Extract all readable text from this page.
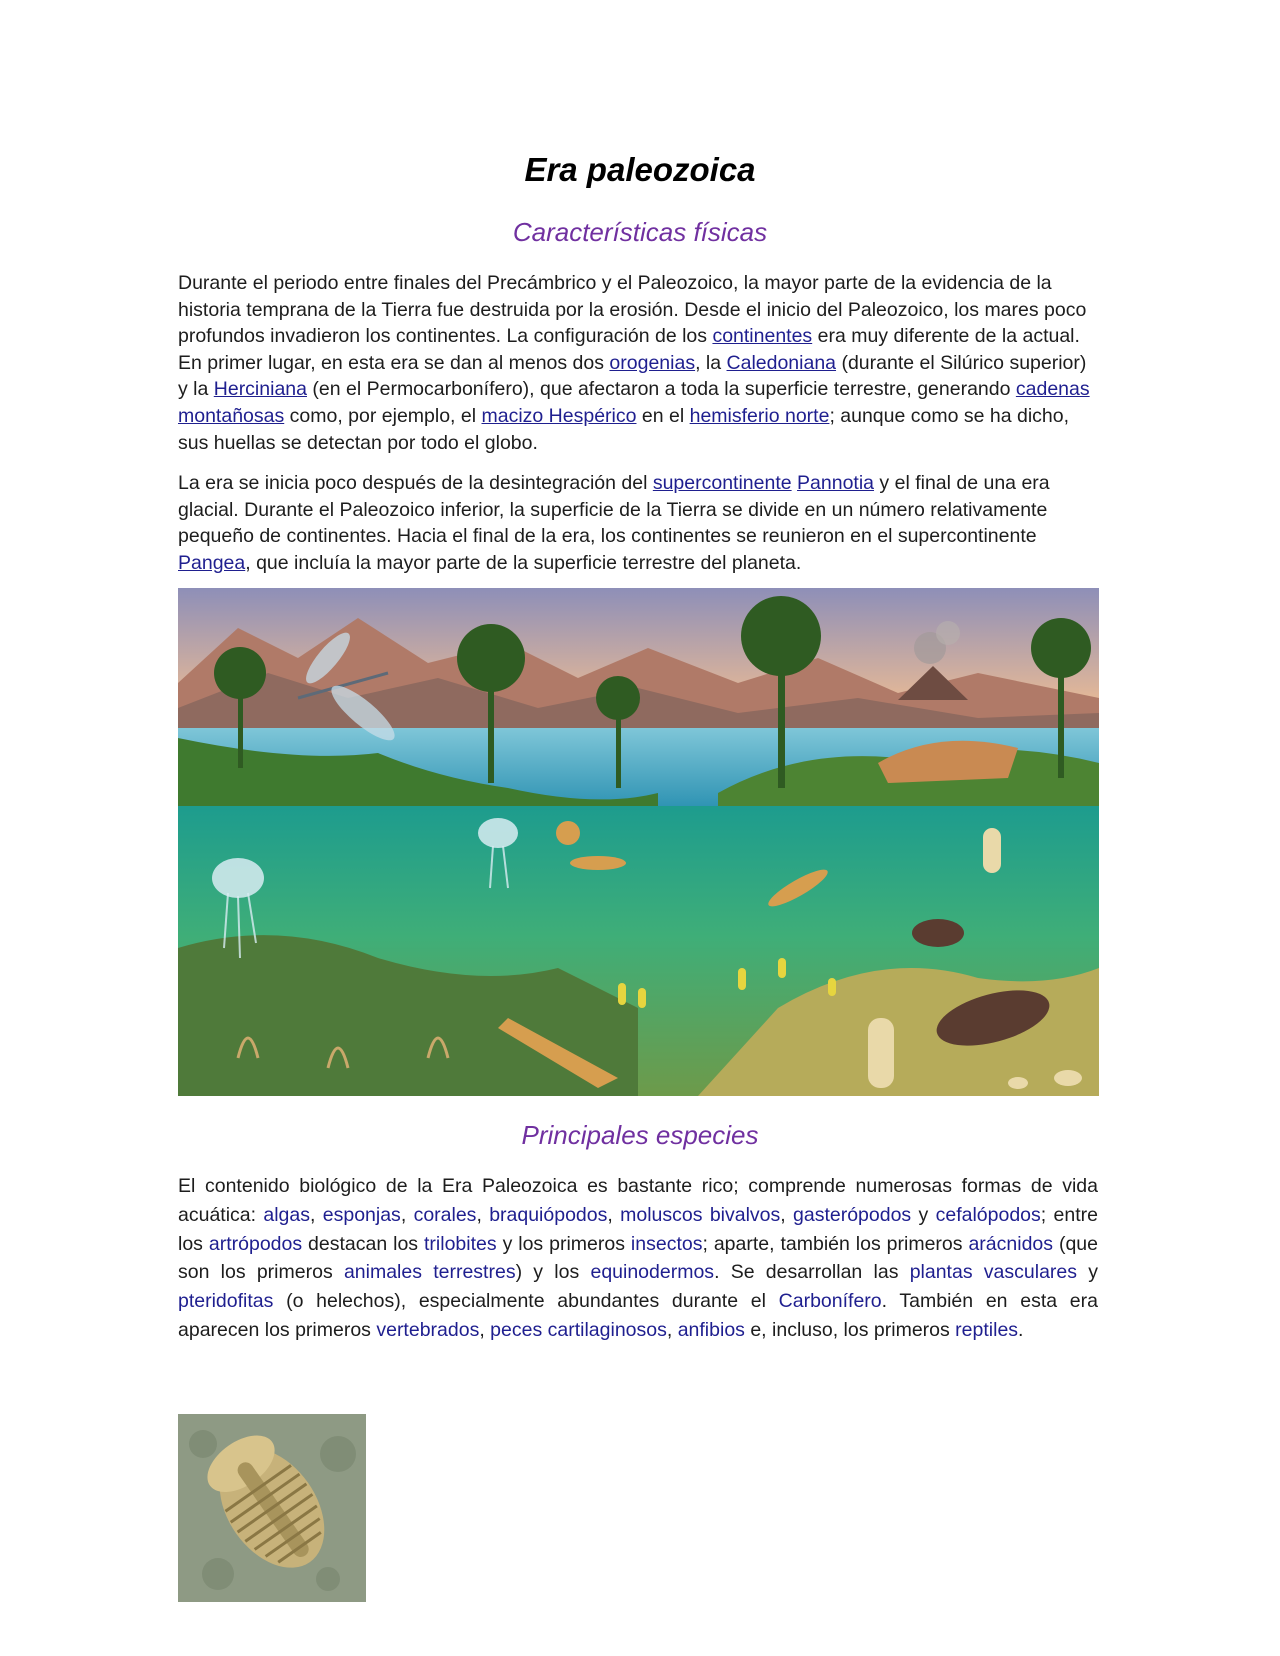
Era paleozoica
Características físicas

Durante el periodo entre finales del Precámbrico y el Paleozoico, la mayor parte de la evidencia de la historia temprana de la Tierra fue destruida por la erosión. Desde el inicio del Paleozoico, los mares poco profundos invadieron los continentes. La configuración de los continentes era muy diferente de la actual. En primer lugar, en esta era se dan al menos dos orogenias, la Caledoniana (durante el Silúrico superior) y la Herciniana (en el Permocarbonífero), que afectaron a toda la superficie terrestre, generando cadenas montañosas como, por ejemplo, el macizo Hespérico en el hemisferio norte; aunque como se ha dicho, sus huellas se detectan por todo el globo.

La era se inicia poco después de la desintegración del supercontinente Pannotia y el final de una era glacial. Durante el Paleozoico inferior, la superficie de la Tierra se divide en un número relativamente pequeño de continentes. Hacia el final de la era, los continentes se reunieron en el supercontinente Pangea, que incluía la mayor parte de la superficie terrestre del planeta.

Principales especies

El contenido biológico de la Era Paleozoica es bastante rico; comprende numerosas formas de vida acuática: algas, esponjas, corales, braquiópodos, moluscos bivalvos, gasterópodos y cefalópodos; entre los artrópodos destacan los trilobites y los primeros insectos; aparte, también los primeros arácnidos (que son los primeros animales terrestres) y los equinodermos. Se desarrollan las plantas vasculares y pteridofitas (o helechos), especialmente abundantes durante el Carbonífero. También en esta era aparecen los primeros vertebrados, peces cartilaginosos, anfibios e, incluso, los primeros reptiles.
